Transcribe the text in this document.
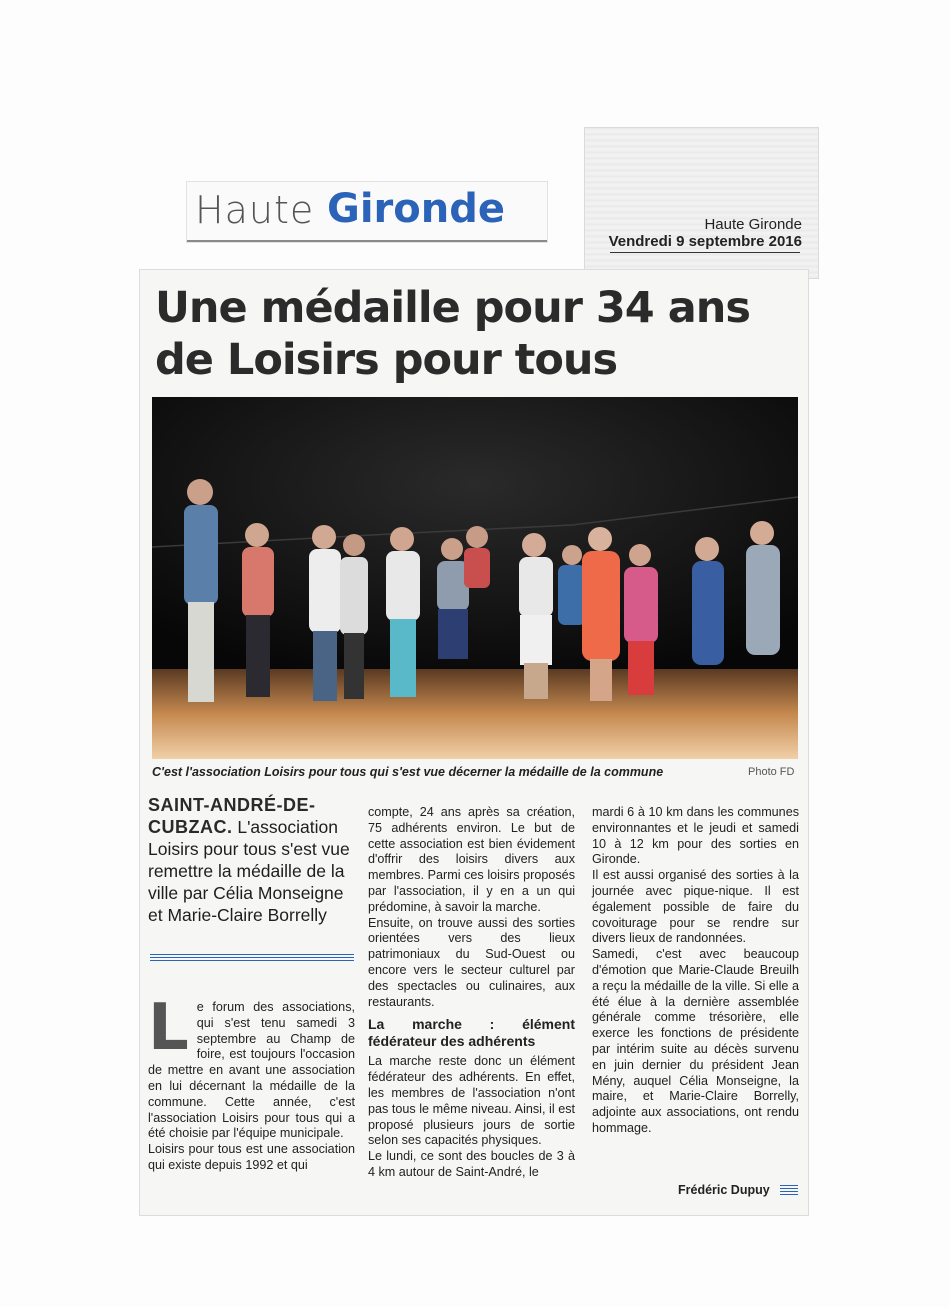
Haute Gironde	Haute Gironde
Vendredi 9 septembre 2016
Une médaille pour 34 ans
de Loisirs pour tous
C'est l'association Loisirs pour tous qui s'est vue décerner la médaille de la commune	Photo FD
SAINT-ANDRÉ-DE-
CUBZAC. L'association Loisirs pour tous s'est vue remettre la médaille de la ville par Célia Monseigne et Marie-Claire Borrelly

Le forum des associations, qui s'est tenu samedi 3 septembre au Champ de foire, est toujours l'occasion de mettre en avant une association en lui décernant la médaille de la commune. Cette année, c'est l'association Loisirs pour tous qui a été choisie par l'équipe municipale.

Loisirs pour tous est une association qui existe depuis 1992 et qui

compte, 24 ans après sa création, 75 adhérents environ. Le but de cette association est bien évidement d'offrir des loisirs divers aux membres. Parmi ces loisirs proposés par l'association, il y en a un qui prédomine, à savoir la marche.

Ensuite, on trouve aussi des sorties orientées vers des lieux patrimoniaux du Sud-Ouest ou encore vers le secteur culturel par des spectacles ou culinaires, aux restaurants.

La marche : élément fédérateur des adhérents

La marche reste donc un élément fédérateur des adhérents. En effet, les membres de l'association n'ont pas tous le même niveau. Ainsi, il est proposé plusieurs jours de sortie selon ses capacités physiques.

Le lundi, ce sont des boucles de 3 à 4 km autour de Saint-André, le

mardi 6 à 10 km dans les communes environnantes et le jeudi et samedi 10 à 12 km pour des sorties en Gironde.

Il est aussi organisé des sorties à la journée avec pique-nique. Il est également possible de faire du covoiturage pour se rendre sur divers lieux de randonnées.

Samedi, c'est avec beaucoup d'émotion que Marie-Claude Breuilh a reçu la médaille de la ville. Si elle a été élue à la dernière assemblée générale comme trésorière, elle exerce les fonctions de présidente par intérim suite au décès survenu en juin dernier du président Jean Mény, auquel Célia Monseigne, la maire, et Marie-Claire Borrelly, adjointe aux associations, ont rendu hommage.

Frédéric Dupuy
